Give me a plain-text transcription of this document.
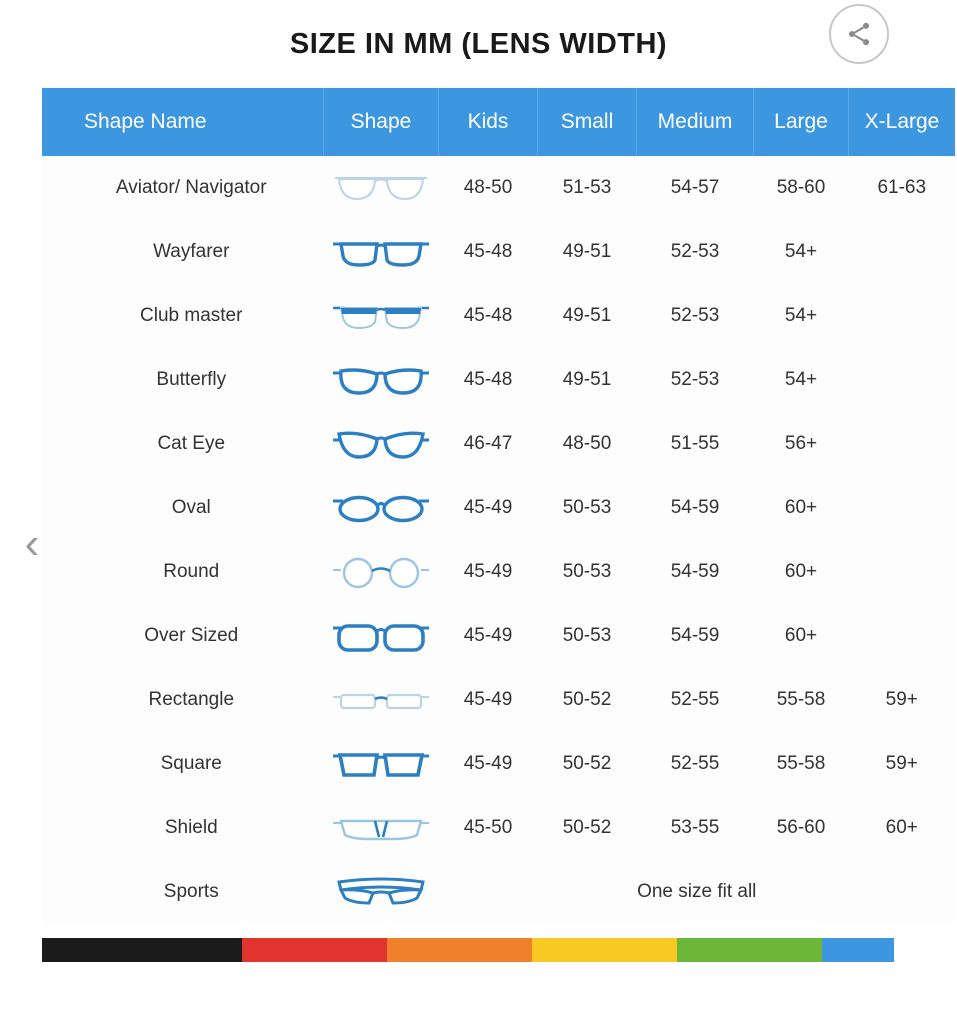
SIZE IN MM (LENS WIDTH)
‹
Shape Name	Shape	Kids	Small	Medium	Large	X-Large
Aviator/ Navigator		48-50	51-53	54-57	58-60	61-63
Wayfarer		45-48	49-51	52-53	54+	
Club master		45-48	49-51	52-53	54+	
Butterfly		45-48	49-51	52-53	54+	
Cat Eye		46-47	48-50	51-55	56+	
Oval		45-49	50-53	54-59	60+	
Round		45-49	50-53	54-59	60+	
Over Sized		45-49	50-53	54-59	60+	
Rectangle		45-49	50-52	52-55	55-58	59+
Square		45-49	50-52	52-55	55-58	59+
Shield		45-50	50-52	53-55	56-60	60+
Sports		One size fit all				
